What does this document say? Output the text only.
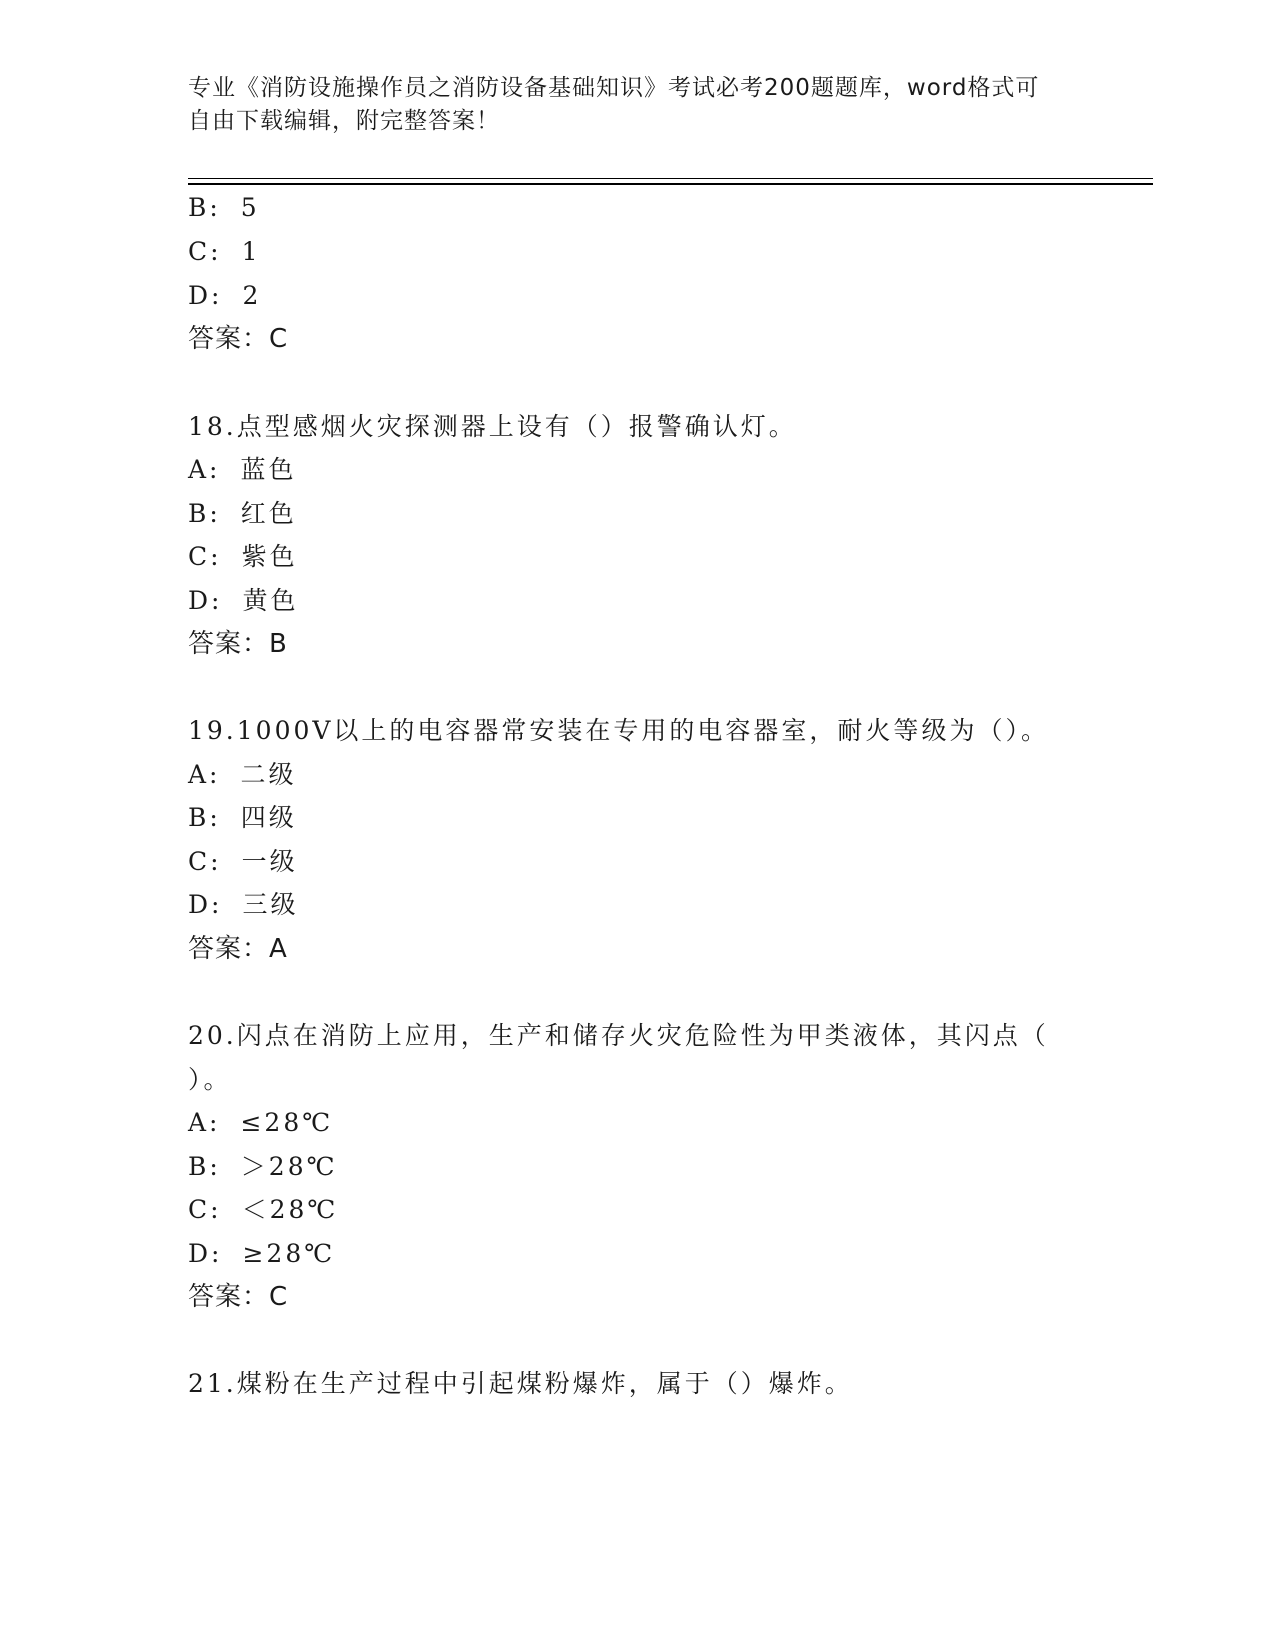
专业《消防设施操作员之消防设备基础知识》考试必考200题题库，word格式可
自由下载编辑，附完整答案！
B: 5
C: 1
D: 2
答案：C
18.点型感烟火灾探测器上设有（）报警确认灯。
A: 蓝色
B: 红色
C: 紫色
D: 黄色
答案：B
19.1000V以上的电容器常安装在专用的电容器室，耐火等级为（）。
A: 二级
B: 四级
C: 一级
D: 三级
答案：A
20.闪点在消防上应用，生产和储存火灾危险性为甲类液体，其闪点（
）。
A: ≤28℃
B: ＞28℃
C: ＜28℃
D: ≥28℃
答案：C
21.煤粉在生产过程中引起煤粉爆炸，属于（）爆炸。
